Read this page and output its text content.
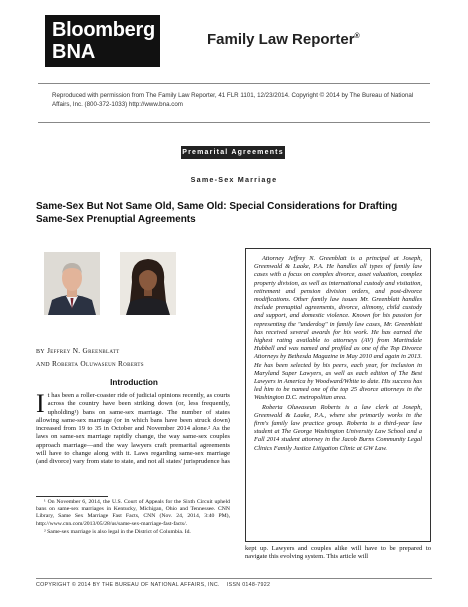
Bloomberg
BNA
Family Law Reporter®
Reproduced with permission from The Family Law Reporter, 41 FLR 1101, 12/23/2014. Copyright © 2014 by The Bureau of National Affairs, Inc. (800-372-1033) http://www.bna.com
Premarital Agreements
Same-Sex Marriage
Same-Sex But Not Same Old, Same Old: Special Considerations for Drafting Same-Sex Prenuptial Agreements
BY Jeffrey N. Greenblatt
AND Roberta Oluwaseun Roberts
Introduction
It has been a roller-coaster ride of judicial opinions recently, as courts across the country have been striking down (or, less frequently, upholding¹) bans on same-sex marriage. The number of states allowing same-sex marriage (or in which bans have been struck down) increased from 19 to 35 in October and November 2014 alone.² As the laws on same-sex marriage rapidly change, the way same-sex couples approach marriage—and the way lawyers craft premarital agreements will have to change along with it. Laws regarding same-sex marriage (and divorce) vary from state to state, and not all states' jurisprudence has

¹ On November 6, 2014, the U.S. Court of Appeals for the Sixth Circuit upheld bans on same-sex marriages in Kentucky, Michigan, Ohio and Tennessee. CNN Library, Same Sex Marriage Fast Facts, CNN (Nov. 24, 2014, 3:40 PM), http://www.cnn.com/2013/05/28/us/same-sex-marriage-fast-facts/.

² Same-sex marriage is also legal in the District of Columbia. Id.

Attorney Jeffrey N. Greenblatt is a principal at Joseph, Greenwald & Laake, P.A. He handles all types of family law cases with a focus on complex divorce, asset valuation, complex property division, as well as international custody and visitation, retirement and pension division orders, and post-divorce modifications. Other family law issues Mr. Greenblatt handles include prenuptial agreements, divorce, alimony, child custody and support, and domestic violence. Known for his passion for representing the "underdog" in family law cases, Mr. Greenblatt has received several awards for his work. He has earned the highest rating available to attorneys (AV) from Martindale Hubbell and was named and profiled as one of the Top Divorce Attorneys by Bethesda Magazine in May 2010 and again in 2013. He has been selected by his peers, each year, for inclusion in Maryland Super Lawyers, as well as each edition of The Best Lawyers in America by Woodward/White to date. His success has led him to be named one of the top 25 divorce attorneys in the Washington D.C. metropolitan area.

Roberta Oluwaseun Roberts is a law clerk at Joseph, Greenwald & Laake, P.A., where she primarily works in the firm's family law practice group. Roberta is a third-year law student at The George Washington University Law School and a Fall 2014 student attorney in the Jacob Burns Community Legal Clinics Family Justice Litigation Clinic at GW Law.

kept up. Lawyers and couples alike will have to be prepared to navigate this evolving system. This article will
COPYRIGHT © 2014 BY THE BUREAU OF NATIONAL AFFAIRS, INC.    ISSN 0148-7922
